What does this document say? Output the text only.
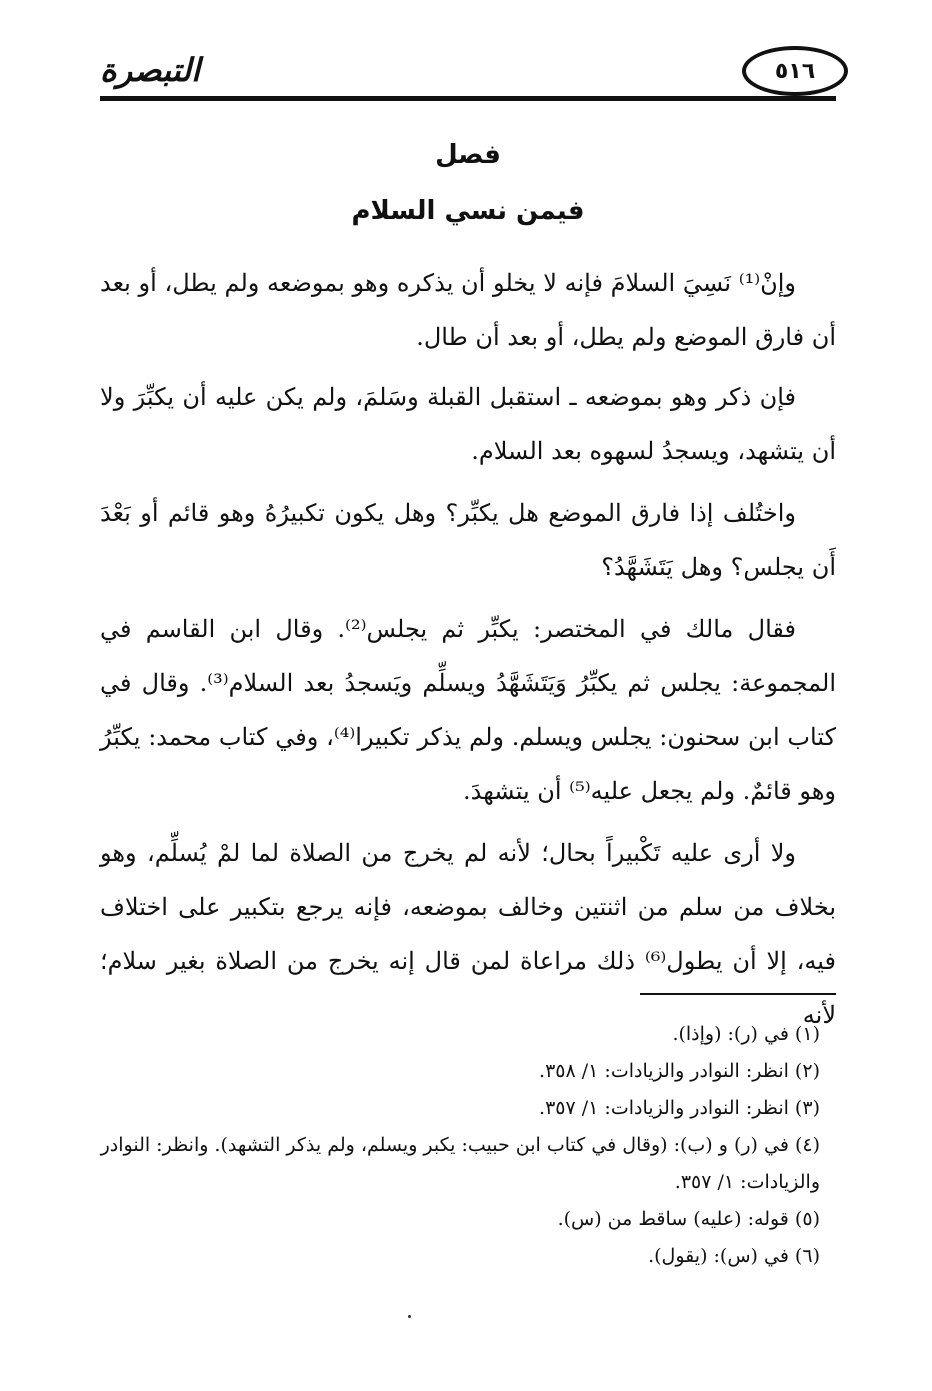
٥١٦
التبصرة
فصل
فيمن نسي السلام

وإنْ⁽¹⁾ نَسِيَ السلامَ فإنه لا يخلو أن يذكره وهو بموضعه ولم يطل، أو بعد أن فارق الموضع ولم يطل، أو بعد أن طال.

فإن ذكر وهو بموضعه ـ استقبل القبلة وسَلمَ، ولم يكن عليه أن يكبِّرَ ولا أن يتشهد، ويسجدُ لسهوه بعد السلام.

واختُلف إذا فارق الموضع هل يكبِّر؟ وهل يكون تكبيرُهُ وهو قائم أو بَعْدَ أَن يجلس؟ وهل يَتَشَهَّدُ؟

فقال مالك في المختصر: يكبِّر ثم يجلس⁽²⁾. وقال ابن القاسم في المجموعة: يجلس ثم يكبِّرُ وَيَتَشَهَّدُ ويسلِّم ويَسجدُ بعد السلام⁽³⁾. وقال في كتاب ابن سحنون: يجلس ويسلم. ولم يذكر تكبيرا⁽⁴⁾، وفي كتاب محمد: يكبِّرُ وهو قائمٌ. ولم يجعل عليه⁽⁵⁾ أن يتشهدَ.

ولا أرى عليه تَكْبيراً بحال؛ لأنه لم يخرج من الصلاة لما لمْ يُسلِّم، وهو بخلاف من سلم من اثنتين وخالف بموضعه، فإنه يرجع بتكبير على اختلاف فيه، إلا أن يطول⁽⁶⁾ ذلك مراعاة لمن قال إنه يخرج من الصلاة بغير سلام؛ لأنه

(١) في (ر): (وإذا).

(٢) انظر: النوادر والزيادات: ١/ ٣٥٨.

(٣) انظر: النوادر والزيادات: ١/ ٣٥٧.

(٤) في (ر) و (ب): (وقال في كتاب ابن حبيب: يكبر ويسلم، ولم يذكر التشهد). وانظر: النوادر والزيادات: ١/ ٣٥٧.

(٥) قوله: (عليه) ساقط من (س).

(٦) في (س): (يقول).
